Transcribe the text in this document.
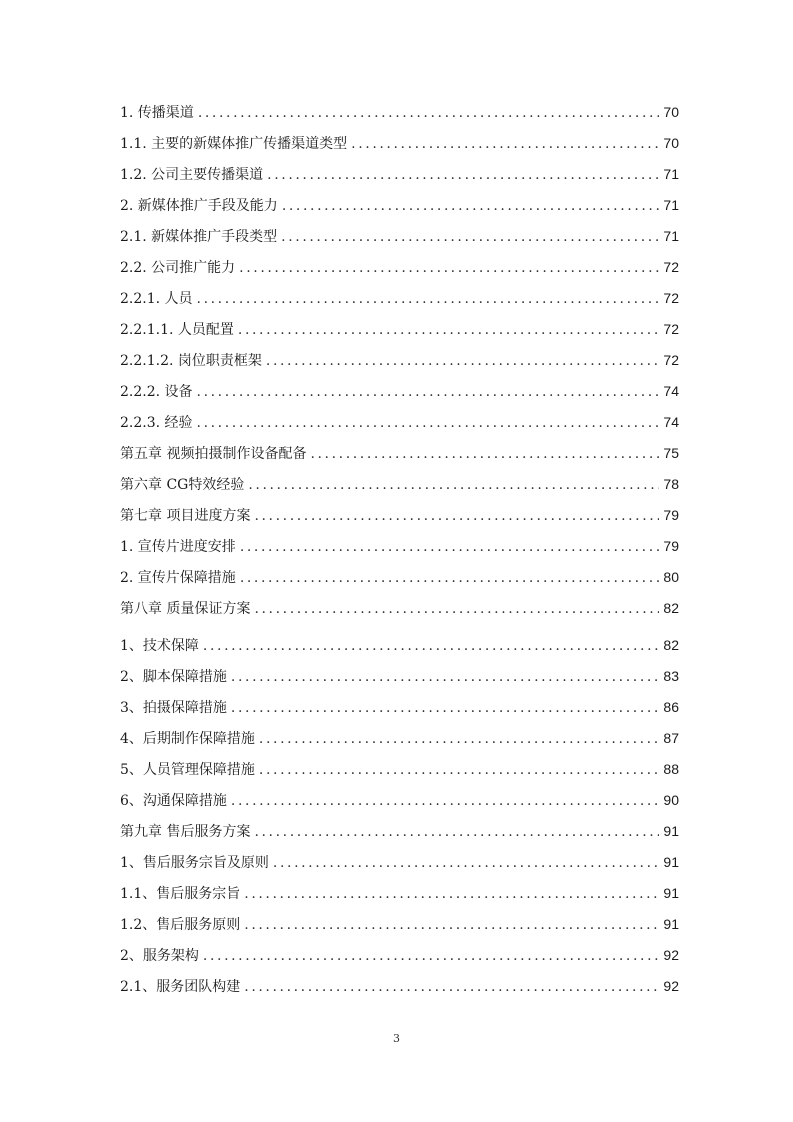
1. 传播渠道 .....	70
1.1. 主要的新媒体推广传播渠道类型 .....	70
1.2. 公司主要传播渠道 .....	71
2. 新媒体推广手段及能力 .....	71
2.1. 新媒体推广手段类型 .....	71
2.2. 公司推广能力 .....	72
2.2.1. 人员 .....	72
2.2.1.1. 人员配置 .....	72
2.2.1.2. 岗位职责框架 .....	72
2.2.2. 设备 .....	74
2.2.3. 经验 .....	74
第五章 视频拍摄制作设备配备 .....	75
第六章 CG特效经验 .....	78
第七章 项目进度方案 .....	79
1. 宣传片进度安排 .....	79
2. 宣传片保障措施 .....	80
第八章 质量保证方案 .....	82
1、技术保障 .....	82
2、脚本保障措施 .....	83
3、拍摄保障措施 .....	86
4、后期制作保障措施 .....	87
5、人员管理保障措施 .....	88
6、沟通保障措施 .....	90
第九章 售后服务方案 .....	91
1、售后服务宗旨及原则 .....	91
1.1、售后服务宗旨 .....	91
1.2、售后服务原则 .....	91
2、服务架构 .....	92
2.1、服务团队构建 .....	92
3
